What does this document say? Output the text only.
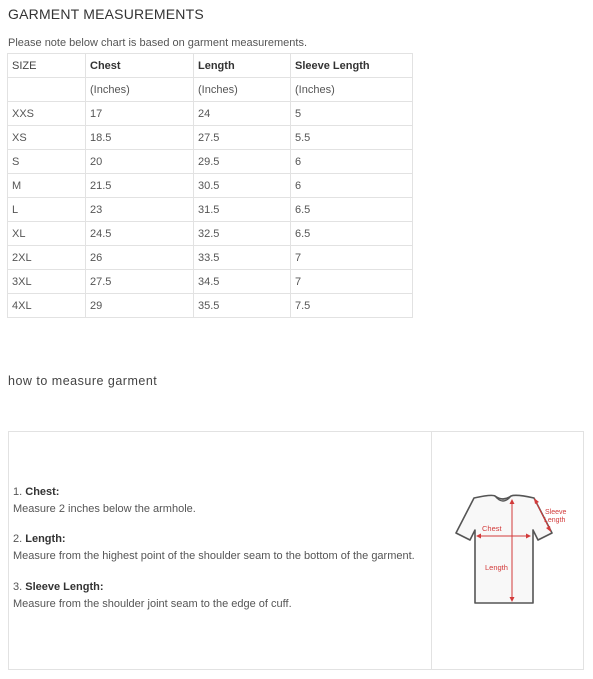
GARMENT MEASUREMENTS
Please note below chart is based on garment measurements.
SIZE	Chest	Length	Sleeve Length
	(Inches)	(Inches)	(Inches)
XXS	17	24	5
XS	18.5	27.5	5.5
S	20	29.5	6
M	21.5	30.5	6
L	23	31.5	6.5
XL	24.5	32.5	6.5
2XL	26	33.5	7
3XL	27.5	34.5	7
4XL	29	35.5	7.5
how to measure garment
1. Chest:
Measure 2 inches below the armhole.
2. Length:
Measure from the highest point of the shoulder seam to the bottom of the garment.
3. Sleeve Length:
Measure from the shoulder joint seam to the edge of cuff.
Chest
Length
Sleeve
Length
